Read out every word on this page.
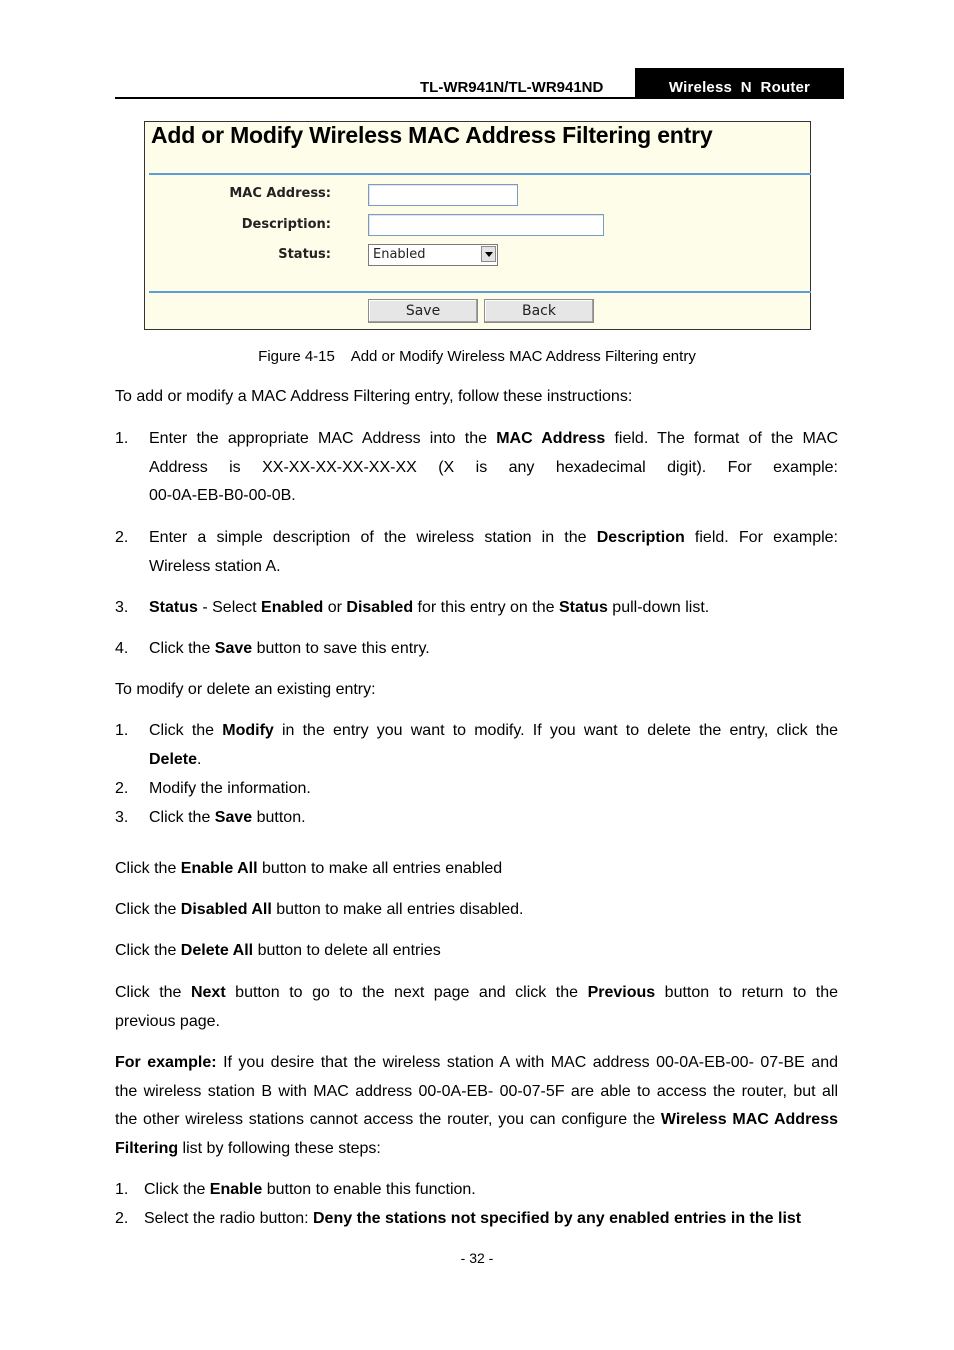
TL-WR941N/TL-WR941ND	Wireless  N  Router
Add or Modify Wireless MAC Address Filtering entry
MAC Address:
Description:
Status:	Enabled
Save	Back
Figure 4-15    Add or Modify Wireless MAC Address Filtering entry

To add or modify a MAC Address Filtering entry, follow these instructions:

1. Enter the appropriate MAC Address into the MAC Address field. The format of the MAC

Address is XX-XX-XX-XX-XX-XX (X is any hexadecimal digit). For example:

00-0A-EB-B0-00-0B.

2. Enter a simple description of the wireless station in the Description field. For example:

Wireless station A.

3. Status - Select Enabled or Disabled for this entry on the Status pull-down list.

4. Click the Save button to save this entry.

To modify or delete an existing entry:

1. Click the Modify in the entry you want to modify. If you want to delete the entry, click the

Delete.

2. Modify the information.

3. Click the Save button.

Click the Enable All button to make all entries enabled

Click the Disabled All button to make all entries disabled.

Click the Delete All button to delete all entries

Click the Next button to go to the next page and click the Previous button to return to the

previous page.

For example: If you desire that the wireless station A with MAC address 00-0A-EB-00- 07-BE and

the wireless station B with MAC address 00-0A-EB- 00-07-5F are able to access the router, but all

the other wireless stations cannot access the router, you can configure the Wireless MAC Address

Filtering list by following these steps:

1. Click the Enable button to enable this function.

2. Select the radio button: Deny the stations not specified by any enabled entries in the list

- 32 -
